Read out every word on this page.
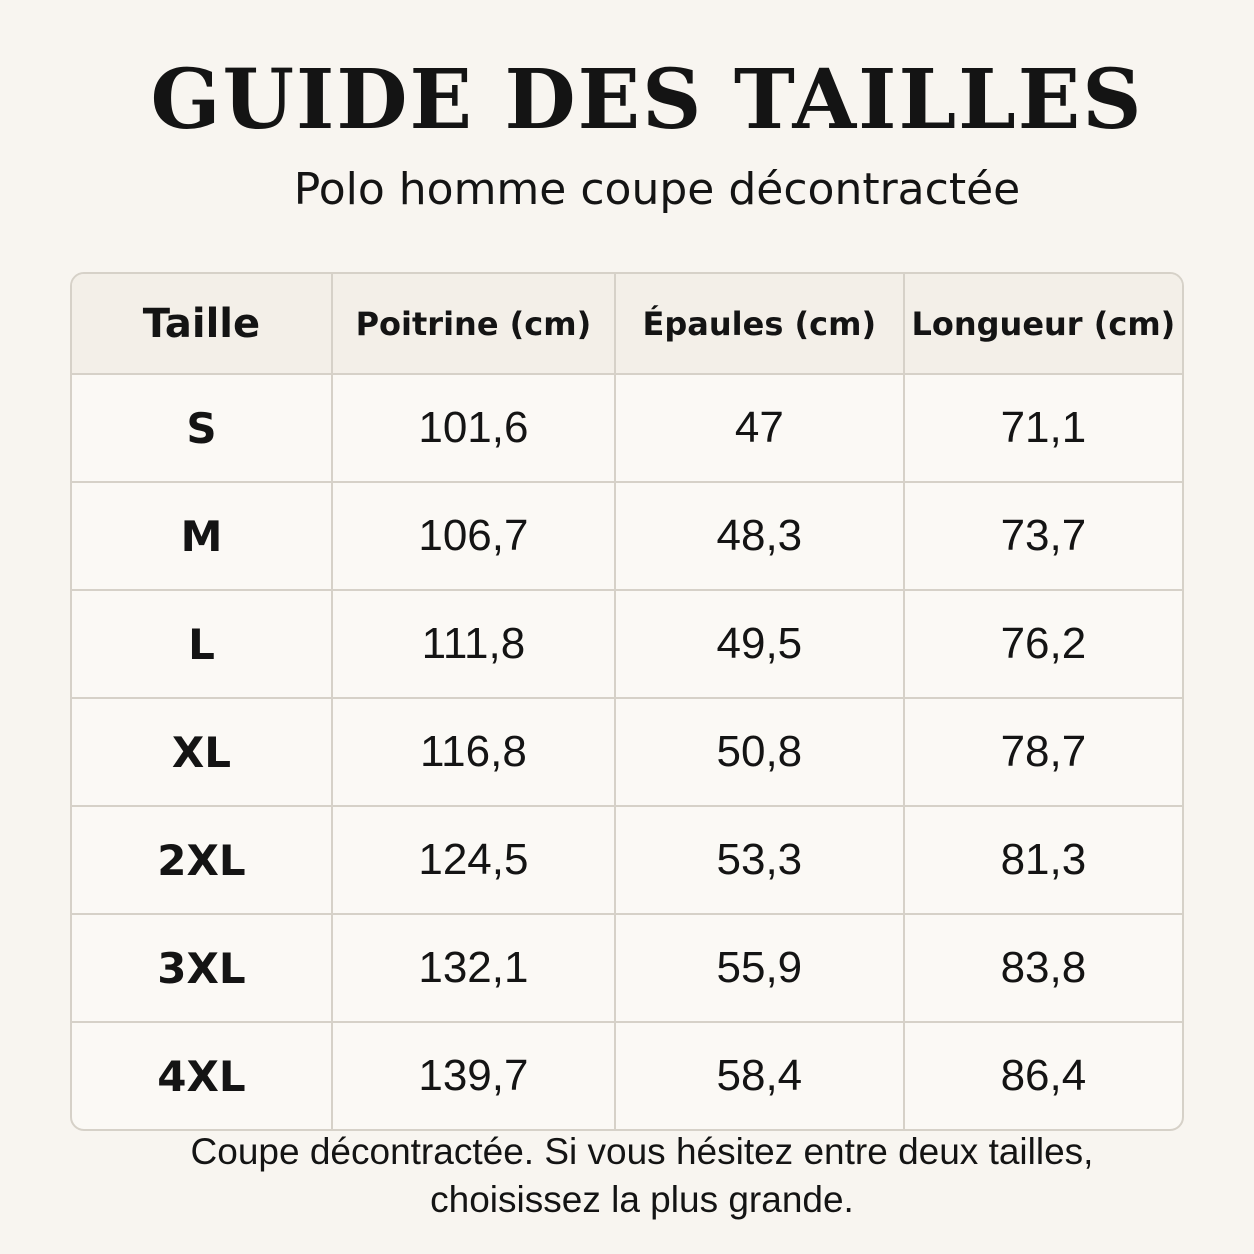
GUIDE DES TAILLES

Polo homme coupe décontractée

Taille	Poitrine (cm)	Épaules (cm)	Longueur (cm)
S	101,6	47	71,1
M	106,7	48,3	73,7
L	111,8	49,5	76,2
XL	116,8	50,8	78,7
2XL	124,5	53,3	81,3
3XL	132,1	55,9	83,8
4XL	139,7	58,4	86,4

Coupe décontractée. Si vous hésitez entre deux tailles,
choisissez la plus grande.
